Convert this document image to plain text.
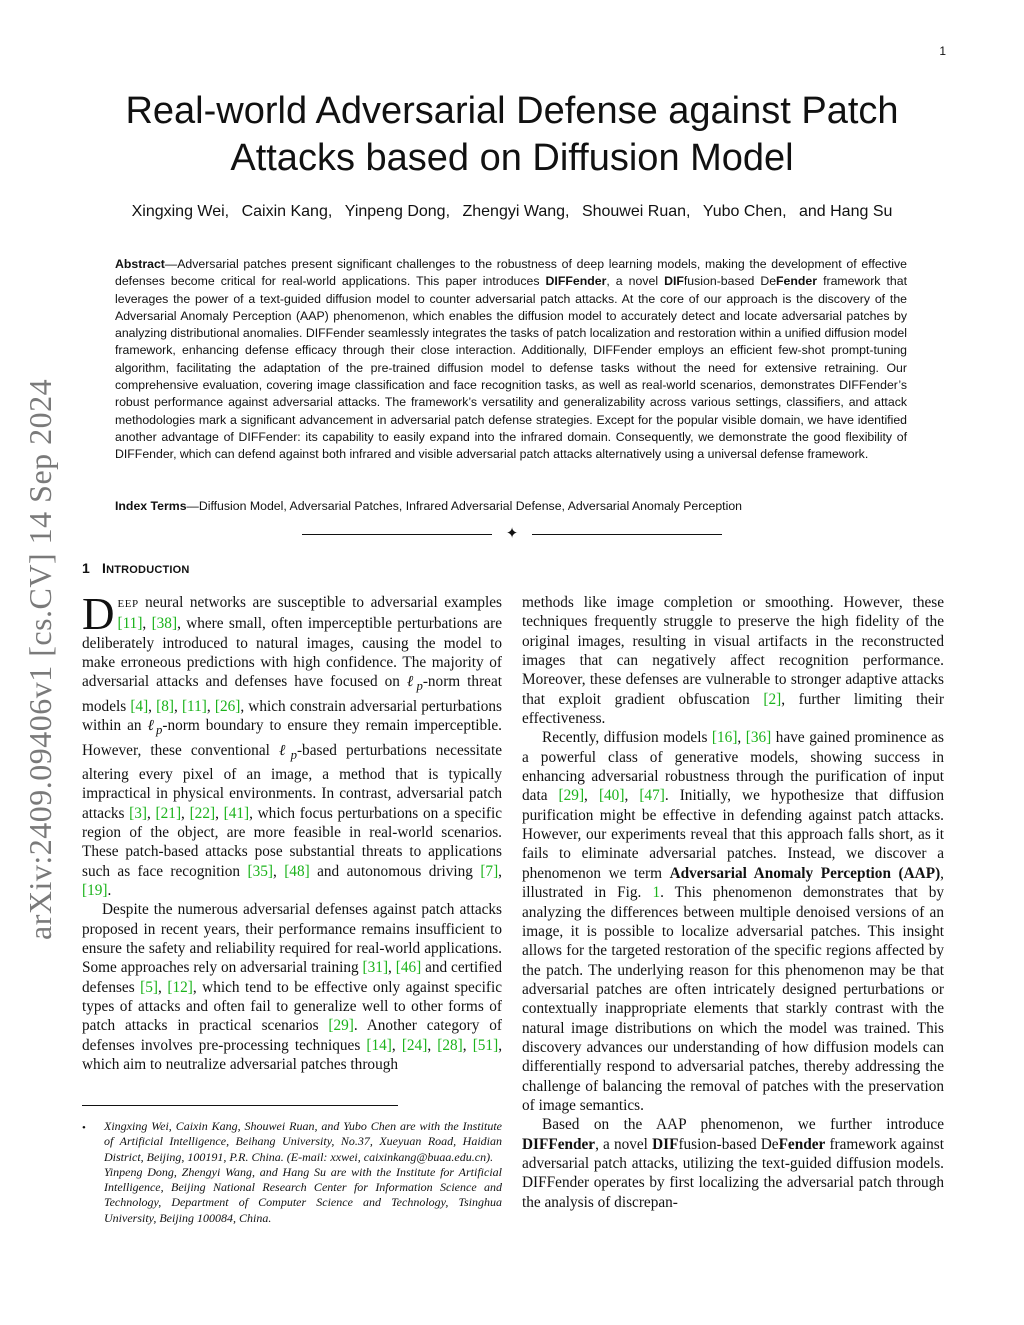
1
arXiv:2409.09406v1 [cs.CV] 14 Sep 2024
Real-world Adversarial Defense against Patch
Attacks based on Diffusion Model
Xingxing Wei, Caixin Kang, Yinpeng Dong, Zhengyi Wang, Shouwei Ruan, Yubo Chen, and Hang Su

Abstract—Adversarial patches present significant challenges to the robustness of deep learning models, making the development of effective defenses become critical for real-world applications. This paper introduces DIFFender, a novel DIFfusion-based DeFender framework that leverages the power of a text-guided diffusion model to counter adversarial patch attacks. At the core of our approach is the discovery of the Adversarial Anomaly Perception (AAP) phenomenon, which enables the diffusion model to accurately detect and locate adversarial patches by analyzing distributional anomalies. DIFFender seamlessly integrates the tasks of patch localization and restoration within a unified diffusion model framework, enhancing defense efficacy through their close interaction. Additionally, DIFFender employs an efficient few-shot prompt-tuning algorithm, facilitating the adaptation of the pre-trained diffusion model to defense tasks without the need for extensive retraining. Our comprehensive evaluation, covering image classification and face recognition tasks, as well as real-world scenarios, demonstrates DIFFender’s robust performance against adversarial attacks. The framework’s versatility and generalizability across various settings, classifiers, and attack methodologies mark a significant advancement in adversarial patch defense strategies. Except for the popular visible domain, we have identified another advantage of DIFFender: its capability to easily expand into the infrared domain. Consequently, we demonstrate the good flexibility of DIFFender, which can defend against both infrared and visible adversarial patch attacks alternatively using a universal defense framework.

Index Terms—Diffusion Model, Adversarial Patches, Infrared Adversarial Defense, Adversarial Anomaly Perception

✦
1 INTRODUCTION

DEEP neural networks are susceptible to adversarial examples [11], [38], where small, often imperceptible perturbations are deliberately introduced to natural images, causing the model to make erroneous predictions with high confidence. The majority of adversarial attacks and defenses have focused on ℓ$_p$-norm threat models [4], [8], [11], [26], which constrain adversarial perturbations within an ℓ$_p$-norm boundary to ensure they remain imperceptible. However, these conventional ℓ$_p$-based perturbations necessitate altering every pixel of an image, a method that is typically impractical in physical environments. In contrast, adversarial patch attacks [3], [21], [22], [41], which focus perturbations on a specific region of the object, are more feasible in real-world scenarios. These patch-based attacks pose substantial threats to applications such as face recognition [35], [48] and autonomous driving [7], [19].

Despite the numerous adversarial defenses against patch attacks proposed in recent years, their performance remains insufficient to ensure the safety and reliability required for real-world applications. Some approaches rely on adversarial training [31], [46] and certified defenses [5], [12], which tend to be effective only against specific types of attacks and often fail to generalize well to other forms of patch attacks in practical scenarios [29]. Another category of defenses involves pre-processing techniques [14], [24], [28], [51], which aim to neutralize adversarial patches through

methods like image completion or smoothing. However, these techniques frequently struggle to preserve the high fidelity of the original images, resulting in visual artifacts in the reconstructed images that can negatively affect recognition performance. Moreover, these defenses are vulnerable to stronger adaptive attacks that exploit gradient obfuscation [2], further limiting their effectiveness.

Recently, diffusion models [16], [36] have gained prominence as a powerful class of generative models, showing success in enhancing adversarial robustness through the purification of input data [29], [40], [47]. Initially, we hypothesize that diffusion purification might be effective in defending against patch attacks. However, our experiments reveal that this approach falls short, as it fails to eliminate adversarial patches. Instead, we discover a phenomenon we term Adversarial Anomaly Perception (AAP), illustrated in Fig. 1. This phenomenon demonstrates that by analyzing the differences between multiple denoised versions of an image, it is possible to localize adversarial patches. This insight allows for the targeted restoration of the specific regions affected by the patch. The underlying reason for this phenomenon may be that adversarial patches are often intricately designed perturbations or contextually inappropriate elements that starkly contrast with the natural image distributions on which the model was trained. This discovery advances our understanding of how diffusion models can differentially respond to adversarial patches, thereby addressing the challenge of balancing the removal of patches with the preservation of image semantics.

Based on the AAP phenomenon, we further introduce DIFFender, a novel DIFfusion-based DeFender framework against adversarial patch attacks, utilizing the text-guided diffusion models. DIFFender operates by first localizing the adversarial patch through the analysis of discrepan-

• Xingxing Wei, Caixin Kang, Shouwei Ruan, and Yubo Chen are with the Institute of Artificial Intelligence, Beihang University, No.37, Xueyuan Road, Haidian District, Beijing, 100191, P.R. China. (E-mail: xxwei, caixinkang@buaa.edu.cn).

Yinpeng Dong, Zhengyi Wang, and Hang Su are with the Institute for Artificial Intelligence, Beijing National Research Center for Information Science and Technology, Department of Computer Science and Technology, Tsinghua University, Beijing 100084, China.
